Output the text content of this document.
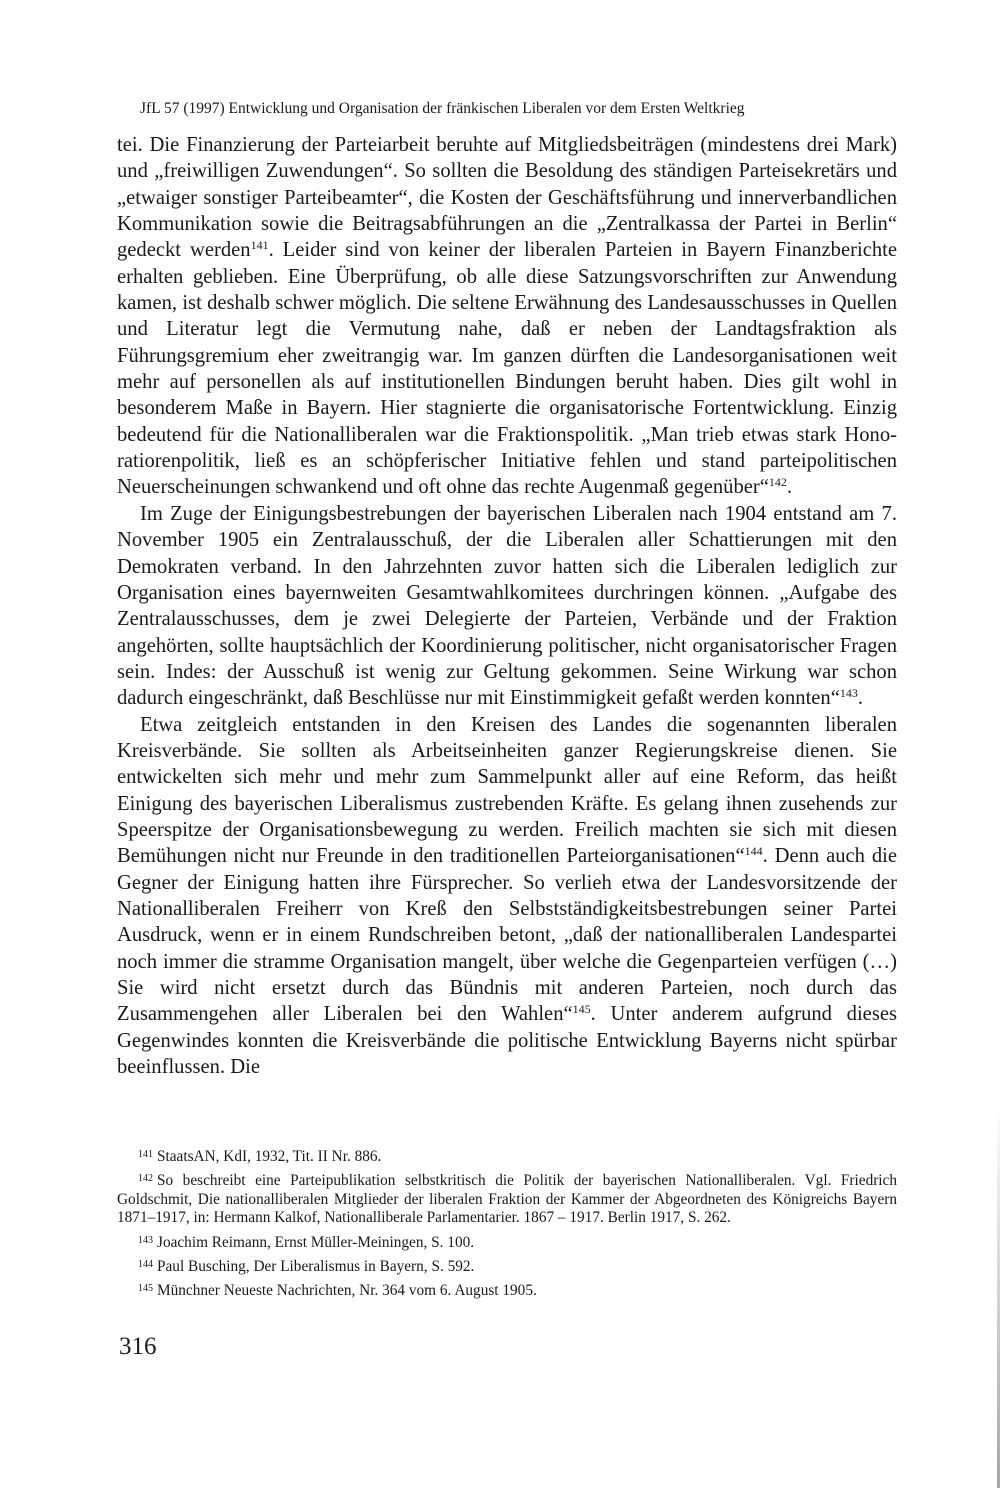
JfL 57 (1997) Entwicklung und Organisation der fränkischen Liberalen vor dem Ersten Weltkrieg

tei. Die Finanzierung der Parteiarbeit beruhte auf Mitgliedsbeiträgen (mindestens drei Mark) und „freiwilligen Zuwendungen“. So sollten die Besoldung des ständigen Parteisekretärs und „etwaiger sonstiger Parteibeamter“, die Kosten der Geschäftsführung und innerverbandlichen Kommunikation sowie die Beitragsabführungen an die „Zentralkassa der Partei in Berlin“ gedeckt werden$^{141}$. Leider sind von keiner der liberalen Parteien in Bayern Finanzberichte erhalten geblieben. Eine Überprüfung, ob alle diese Satzungsvorschriften zur Anwendung kamen, ist deshalb schwer möglich. Die seltene Erwähnung des Landesausschusses in Quellen und Literatur legt die Vermutung nahe, daß er neben der Landtagsfraktion als Führungsgremium eher zweitrangig war. Im ganzen dürften die Landesorganisationen weit mehr auf personellen als auf institutionellen Bindungen beruht haben. Dies gilt wohl in besonderem Maße in Bayern. Hier stagnierte die organisatorische Fortentwicklung. Einzig bedeutend für die Nationalliberalen war die Fraktionspolitik. „Man trieb etwas stark Honoratiorenpolitik, ließ es an schöpferischer Initiative fehlen und stand parteipolitischen Neuerscheinungen schwankend und oft ohne das rechte Augenmaß gegenüber“$^{142}$.

Im Zuge der Einigungsbestrebungen der bayerischen Liberalen nach 1904 entstand am 7. November 1905 ein Zentralausschuß, der die Liberalen aller Schattierungen mit den Demokraten verband. In den Jahrzehnten zuvor hatten sich die Liberalen lediglich zur Organisation eines bayernweiten Gesamtwahlkomitees durchringen können. „Aufgabe des Zentralausschusses, dem je zwei Delegierte der Parteien, Verbände und der Fraktion angehörten, sollte hauptsächlich der Koordinierung politischer, nicht organisatorischer Fragen sein. Indes: der Ausschuß ist wenig zur Geltung gekommen. Seine Wirkung war schon dadurch eingeschränkt, daß Beschlüsse nur mit Einstimmigkeit gefaßt werden konnten“$^{143}$.

Etwa zeitgleich entstanden in den Kreisen des Landes die sogenannten liberalen Kreisverbände. Sie sollten als Arbeitseinheiten ganzer Regierungskreise dienen. Sie entwickelten sich mehr und mehr zum Sammelpunkt aller auf eine Reform, das heißt Einigung des bayerischen Liberalismus zustrebenden Kräfte. Es gelang ihnen zusehends zur Speerspitze der Organisationsbewegung zu werden. Freilich machten sie sich mit diesen Bemühungen nicht nur Freunde in den traditionellen Parteiorganisationen“$^{144}$. Denn auch die Gegner der Einigung hatten ihre Fürsprecher. So verlieh etwa der Landesvorsitzende der Nationalliberalen Freiherr von Kreß den Selbstständigkeitsbestrebungen seiner Partei Ausdruck, wenn er in einem Rundschreiben betont, „daß der nationalliberalen Landespartei noch immer die stramme Organisation mangelt, über welche die Gegenparteien verfügen (…) Sie wird nicht ersetzt durch das Bündnis mit anderen Parteien, noch durch das Zusammengehen aller Liberalen bei den Wahlen“$^{145}$. Unter anderem aufgrund dieses Gegenwindes konnten die Kreisverbände die politische Entwicklung Bayerns nicht spürbar beeinflussen. Die

$^{141}$ StaatsAN, KdI, 1932, Tit. II Nr. 886.

$^{142}$ So beschreibt eine Parteipublikation selbstkritisch die Politik der bayerischen Nationalliberalen. Vgl. Friedrich Goldschmit, Die nationalliberalen Mitglieder der liberalen Fraktion der Kammer der Abgeordneten des Königreichs Bayern 1871–1917, in: Hermann Kalkof, Nationalliberale Parlamentarier. 1867 – 1917. Berlin 1917, S. 262.

$^{143}$ Joachim Reimann, Ernst Müller-Meiningen, S. 100.

$^{144}$ Paul Busching, Der Liberalismus in Bayern, S. 592.

$^{145}$ Münchner Neueste Nachrichten, Nr. 364 vom 6. August 1905.

316
